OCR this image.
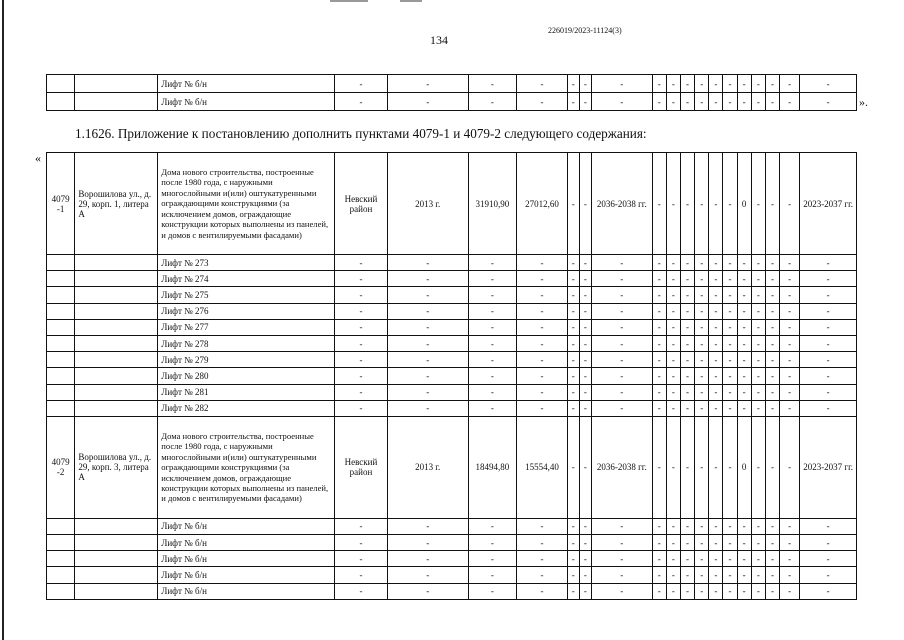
226019/2023-11124(3)
134
		Лифт № б/н	-	-	-	-	-	-	-	-	-	-	-	-	-	-	-	-	-	-
		Лифт № б/н	-	-	-	-	-	-	-	-	-	-	-	-	-	-	-	-	-	- ».
1.1626. Приложение к постановлению дополнить пунктами 4079-1 и 4079-2 следующего содержания:
«
4079 -1	Ворошилова ул., д. 29, корп. 1, литера А	Дома нового строительства, построенные после 1980 года, с наружными многослойными и(или) оштукатуренными ограждающими конструкциями (за исключением домов, ограждающие конструкции которых выполнены из панелей, и домов с вентилируемыми фасадами)	Невский район	2013 г.	31910,90	27012,60	-	-	2036-2038 гг.	-	-	-	-	-	-	0	-	-	-	2023-2037 гг.
		Лифт № 273	-	-	-	-	-	-	-	-	-	-	-	-	-	-	-	-	-	-
		Лифт № 274	-	-	-	-	-	-	-	-	-	-	-	-	-	-	-	-	-	-
		Лифт № 275	-	-	-	-	-	-	-	-	-	-	-	-	-	-	-	-	-	-
		Лифт № 276	-	-	-	-	-	-	-	-	-	-	-	-	-	-	-	-	-	-
		Лифт № 277	-	-	-	-	-	-	-	-	-	-	-	-	-	-	-	-	-	-
		Лифт № 278	-	-	-	-	-	-	-	-	-	-	-	-	-	-	-	-	-	-
		Лифт № 279	-	-	-	-	-	-	-	-	-	-	-	-	-	-	-	-	-	-
		Лифт № 280	-	-	-	-	-	-	-	-	-	-	-	-	-	-	-	-	-	-
		Лифт № 281	-	-	-	-	-	-	-	-	-	-	-	-	-	-	-	-	-	-
		Лифт № 282	-	-	-	-	-	-	-	-	-	-	-	-	-	-	-	-	-	-
4079 -2	Ворошилова ул., д. 29, корп. 3, литера А	Дома нового строительства, построенные после 1980 года, с наружными многослойными и(или) оштукатуренными ограждающими конструкциями (за исключением домов, ограждающие конструкции которых выполнены из панелей, и домов с вентилируемыми фасадами)	Невский район	2013 г.	18494,80	15554,40	-	-	2036-2038 гг.	-	-	-	-	-	-	0	-	-	-	2023-2037 гг.
		Лифт № б/н	-	-	-	-	-	-	-	-	-	-	-	-	-	-	-	-	-	-
		Лифт № б/н	-	-	-	-	-	-	-	-	-	-	-	-	-	-	-	-	-	-
		Лифт № б/н	-	-	-	-	-	-	-	-	-	-	-	-	-	-	-	-	-	-
		Лифт № б/н	-	-	-	-	-	-	-	-	-	-	-	-	-	-	-	-	-	-
		Лифт № б/н	-	-	-	-	-	-	-	-	-	-	-	-	-	-	-	-	-	-
